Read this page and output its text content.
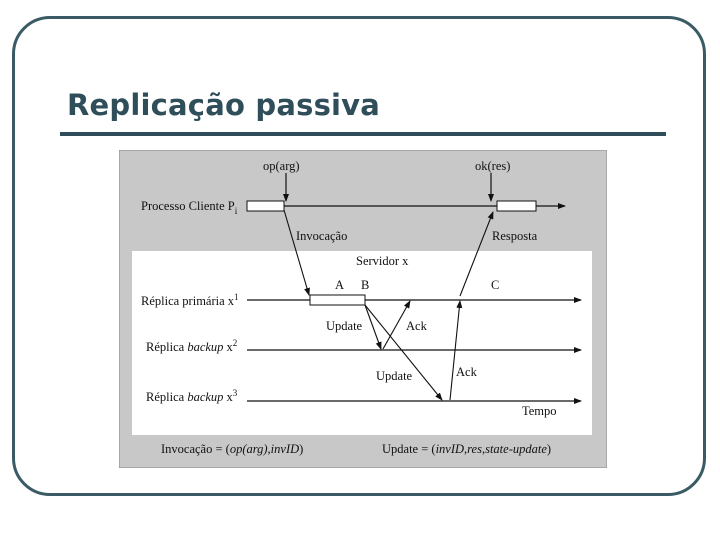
Replicação passiva
op(arg)	ok(res)
Processo Cliente $P_i$
Invocação	Resposta
Servidor x
A B	C
Réplica primária $x^1$
Réplica backup $x^2$
Réplica backup $x^3$
Update	Ack
Update	Ack
Tempo
Invocação = (op(arg),invID)	Update = (invID,res,state-update)
